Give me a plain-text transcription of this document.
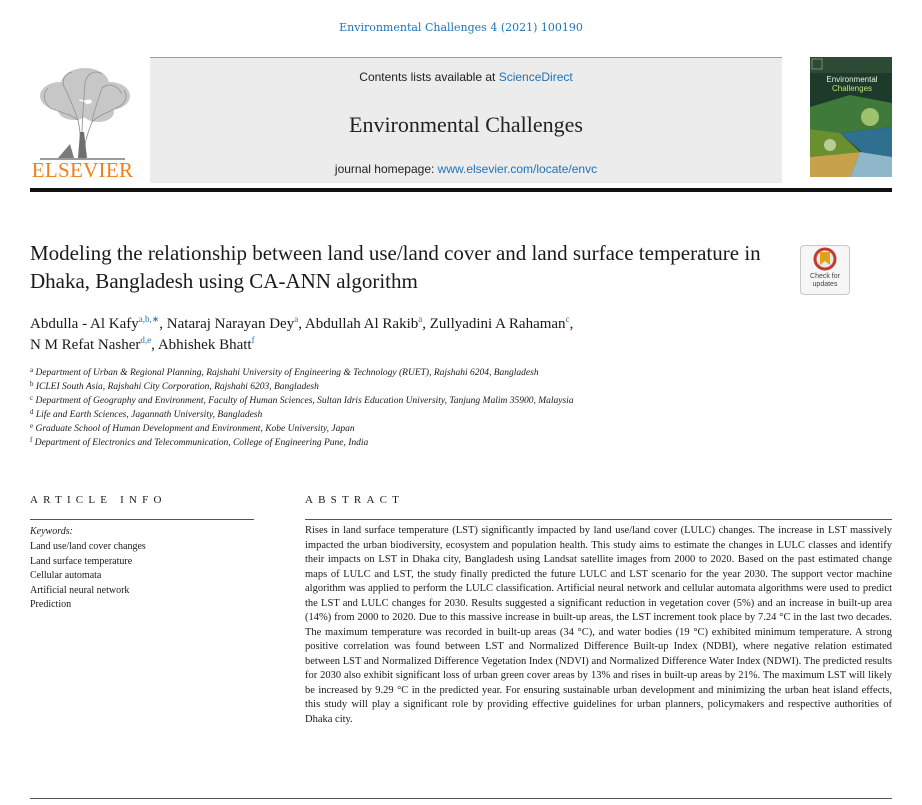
Environmental Challenges 4 (2021) 100190
ELSEVIER
Contents lists available at ScienceDirect
Environmental Challenges
journal homepage: www.elsevier.com/locate/envc
Environmental
Challenges
Modeling the relationship between land use/land cover and land surface temperature in Dhaka, Bangladesh using CA-ANN algorithm	Check for
updates
Abdulla - Al Kafy$^{a,b,∗}$, Nataraj Narayan Dey$^a$, Abdullah Al Rakib$^a$, Zullyadini A Rahaman$^c$,
N M Refat Nasher$^{d,e}$, Abhishek Bhatt$^f$
$^a$ Department of Urban & Regional Planning, Rajshahi University of Engineering & Technology (RUET), Rajshahi 6204, Bangladesh
$^b$ ICLEI South Asia, Rajshahi City Corporation, Rajshahi 6203, Bangladesh
$^c$ Department of Geography and Environment, Faculty of Human Sciences, Sultan Idris Education University, Tanjung Malim 35900, Malaysia
$^d$ Life and Earth Sciences, Jagannath University, Bangladesh
$^e$ Graduate School of Human Development and Environment, Kobe University, Japan
$^f$ Department of Electronics and Telecommunication, College of Engineering Pune, India
ARTICLE INFO
Keywords:
Land use/land cover changes
Land surface temperature
Cellular automata
Artificial neural network
Prediction
ABSTRACT
Rises in land surface temperature (LST) significantly impacted by land use/land cover (LULC) changes. The increase in LST massively impacted the urban biodiversity, ecosystem and population health. This study aims to estimate the changes in LULC classes and identify their impacts on LST in Dhaka city, Bangladesh using Landsat satellite images from 2000 to 2020. Based on the past estimated change maps of LULC and LST, the study finally predicted the future LULC and LST scenario for the year 2030. The support vector machine algorithm was applied to perform the LULC classification. Artificial neural network and cellular automata algorithms were used to predict the LST and LULC changes for 2030. Results suggested a significant reduction in vegetation cover (5%) and an increase in built-up area (14%) from 2000 to 2020. Due to this massive increase in built-up areas, the LST increment took place by 7.24 °C in the last two decades. The maximum temperature was recorded in built-up areas (34 °C), and water bodies (19 °C) exhibited minimum temperature. A strong positive correlation was found between LST and Normalized Difference Built-up Index (NDBI), where negative relation estimated between LST and Normalized Difference Vegetation Index (NDVI) and Normalized Difference Water Index (NDWI). The predicted results for 2030 also exhibit significant loss of urban green cover areas by 13% and rises in built-up areas by 21%. The maximum LST will likely be increased by 9.29 °C in the predicted year. For ensuring sustainable urban development and minimizing the urban heat island effects, this study will play a significant role by providing effective guidelines for urban planners, policymakers and respective authorities of Dhaka city.
